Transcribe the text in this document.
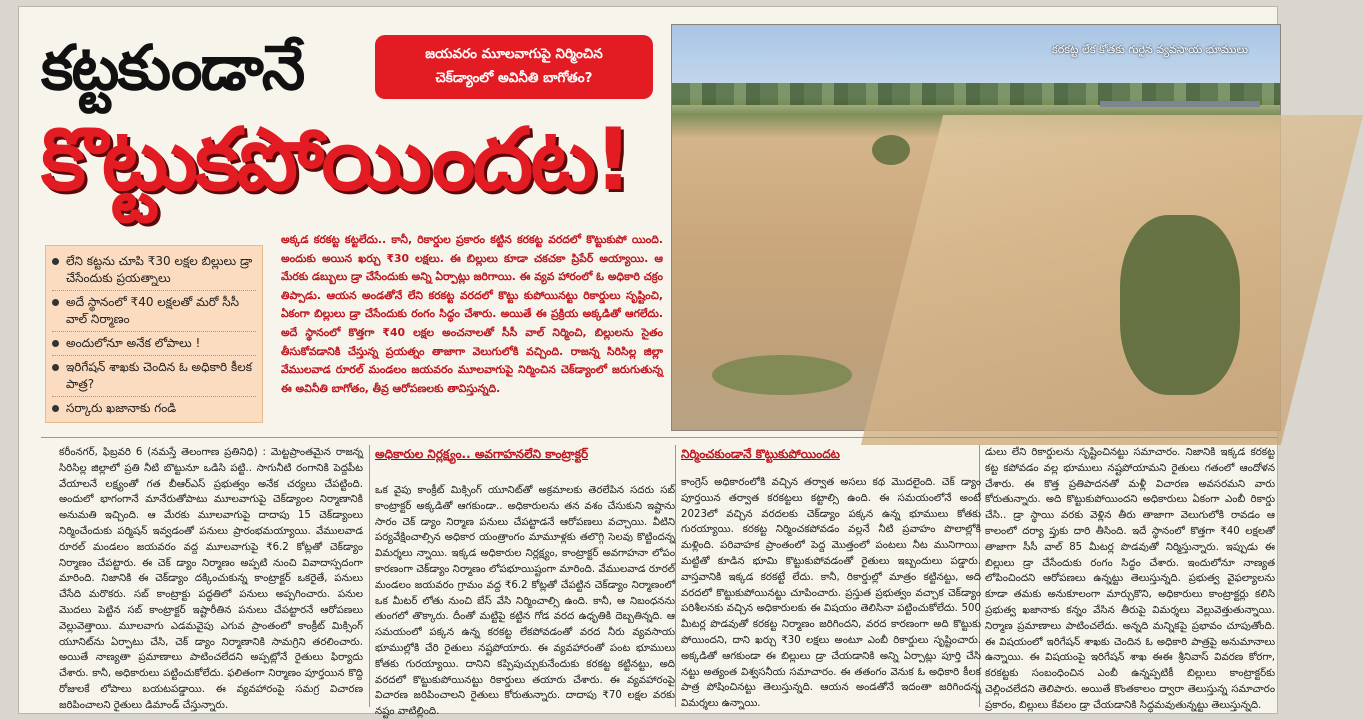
కట్టకుండానే
కొట్టుకపోయిందట!
జయవరం మూలవాగుపై నిర్మించిన
చెక్‌డ్యాంలో అవినీతి బాగోతం?
కరకట్ట లేక కోతకు గురైన వ్యవసాయ భూములు
లేని కట్టను చూపి ₹30 లక్షల బిల్లులు డ్రా చేసేందుకు ప్రయత్నాలు
అదే స్థానంలో ₹40 లక్షలతో మరో సీసీ వాల్ నిర్మాణం
అందులోనూ అనేక లోపాలు !
ఇరిగేషన్ శాఖకు చెందిన ఓ అధికారి కీలక పాత్ర?
సర్కారు ఖజానాకు గండి

అక్కడ కరకట్ట కట్టలేదు.. కానీ, రికార్డుల ప్రకారం కట్టిన కరకట్ట వరదలో కొట్టుకుపో యింది. అందుకు అయిన ఖర్చు ₹30 లక్షలు. ఈ బిల్లులు కూడా చకచకా ప్రిపేర్ అయ్యాయి. ఆ మేరకు డబ్బులు డ్రా చేసేందుకు అన్ని ఏర్పాట్లు జరిగాయి. ఈ వ్యవ హారంలో ఓ అధికారి చక్రం తిప్పాడు. ఆయన అండతోనే లేని కరకట్ట వరదలో కొట్టు కుపోయినట్టు రికార్డులు సృష్టించి, ఏకంగా బిల్లులు డ్రా చేసేందుకు రంగం సిద్ధం చేశారు. అయితే ఈ ప్రక్రియ అక్కడితో ఆగలేదు. అదే స్థానంలో కొత్తగా ₹40 లక్షల అంచనాలతో సీసీ వాల్ నిర్మించి, బిల్లులను సైతం తీసుకోవడానికి చేస్తున్న ప్రయత్నం తాజాగా వెలుగులోకి వచ్చింది. రాజన్న సిరిసిల్ల జిల్లా వేములవాడ రూరల్ మండలం జయవరం మూలవాగుపై నిర్మించిన చెక్‌డ్యాంలో జరుగుతున్న ఈ అవినీతి బాగోతం, తీవ్ర ఆరోపణలకు తావిస్తున్నది.

కరీంనగర్, ఫిబ్రవరి 6 (నమస్తే తెలంగాణ ప్రతినిధి) : మెట్టప్రాంతమైన రాజన్న సిరిసిల్ల జిల్లాలో ప్రతి నీటి బొట్టునూ ఒడిసి పట్టి.. సాగునీటి రంగానికి పెద్దపీట వేయాలనే లక్ష్యంతో గత బీఆర్ఎస్ ప్రభుత్వం అనేక చర్యలు చేపట్టింది. అందులో భాగంగానే మానేరుతోపాటు మూలవాగుపై చెక్‌డ్యాంల నిర్మాణానికి అనుమతి ఇచ్చింది. ఆ మేరకు మూలవాగుపై దాదాపు 15 చెక్‌డ్యాంలు నిర్మించేందుకు పర్మిషన్ ఇవ్వడంతో పనులు ప్రారంభమయ్యాయి. వేములవాడ రూరల్ మండలం జయవరం వద్ద మూలవాగుపై ₹6.2 కోట్లతో చెక్‌డ్యాం నిర్మాణం చేపట్టారు. ఈ చెక్ డ్యాం నిర్మాణం అప్పటి నుంచి వివాదాస్పదంగా మారింది. నిజానికి ఈ చెక్‌డ్యాం దక్కించుకున్న కాంట్రాక్టర్ ఒకరైతే, పనులు చేసేది మరొకరు. సబ్ కాంట్రాక్టు పద్ధతిలో పనులు అప్పగించారు. పనుల మొదలు పెట్టిన సబ్ కాంట్రాక్టర్ ఇష్టారీతిన పనులు చేపట్టారనే ఆరోపణలు వెల్లువెత్తాయి. మూలవాగు ఎడమవైపు ఎగువ ప్రాంతంలో కాంక్రీట్ మిక్సింగ్ యూనిట్‌ను ఏర్పాటు చేసి, చెక్ డ్యాం నిర్మాణానికి సామగ్రిని తరలించారు. అయితే నాణ్యతా ప్రమాణాలు పాటించలేదని అప్పట్లోనే రైతులు ఫిర్యాదు చేశారు. కానీ, అధికారులు పట్టించుకోలేదు. ఫలితంగా నిర్మాణం పూర్తయిన కొద్ది రోజులకే లోపాలు బయటపడ్డాయి. ఈ వ్యవహారంపై సమగ్ర విచారణ జరిపించాలని రైతులు డిమాండ్ చేస్తున్నారు.

అధికారుల నిర్లక్ష్యం.. అవగాహనలేని కాంట్రాక్టర్

ఒక వైపు కాంక్రీట్ మిక్సింగ్ యూనిట్‌తో అక్రమాలకు తెరలేపిన సదరు సబ్ కాంట్రాక్టర్ అక్కడితో ఆగకుండా.. అధికారులను తన వశం చేసుకుని ఇష్టాను సారం చెక్ డ్యాం నిర్మాణ పనులు చేపట్టాడనే ఆరోపణలు వచ్చాయి. వీటిని పర్యవేక్షించాల్సిన అధికార యంత్రాంగం మామూళ్లకు తలొగ్గి సెలవు కొట్టిందన్న విమర్శలు న్నాయి. ఇక్కడ అధికారుల నిర్లక్ష్యం, కాంట్రాక్టర్ అవగాహనా లోపం కారణంగా చెక్‌డ్యాం నిర్మాణం లోపభూయిష్టంగా మారింది. వేములవాడ రూరల్ మండలం జయవరం గ్రామం వద్ద ₹6.2 కోట్లతో చేపట్టిన చెక్‌డ్యాం నిర్మాణంలో ఒక మీటర్ లోతు నుంచి బేస్ వేసి నిర్మించాల్సి ఉంది. కానీ, ఆ నిబంధనను తుంగలో తొక్కారు. దీంతో మట్టిపై కట్టిన గోడ వరద ఉధృతికి దెబ్బతిన్నది. ఆ సమయంలో పక్కన ఉన్న కరకట్ట లేకపోవడంతో వరద నీరు వ్యవసాయ భూముల్లోకి చేరి రైతులు నష్టపోయారు. ఈ వ్యవహారంతో పంట భూములు కోతకు గురయ్యాయి. దానిని కప్పిపుచ్చుకునేందుకు కరకట్ట కట్టినట్టు, అది వరదలో కొట్టుకుపోయినట్టు రికార్డులు తయారు చేశారు. ఈ వ్యవహారంపై విచారణ జరిపించాలని రైతులు కోరుతున్నారు. దాదాపు ₹70 లక్షల వరకు నష్టం వాటిల్లింది.

నిర్మించకుండానే కొట్టుకుపోయిందట

కాంగ్రెస్ అధికారంలోకి వచ్చిన తర్వాత అసలు కథ మొదలైంది. చెక్ డ్యాం పూర్తయిన తర్వాత కరకట్టలు కట్టాల్సి ఉంది. ఈ సమయంలోనే అంటే 2023లో వచ్చిన వరదలకు చెక్‌డ్యాం పక్కన ఉన్న భూములు కోతకు గురయ్యాయి. కరకట్ట నిర్మించకపోవడం వల్లనే నీటి ప్రవాహం పొలాల్లోకి మళ్లింది. పరివాహక ప్రాంతంలో పెద్ద మొత్తంలో పంటలు నీట మునిగాయి. మట్టితో కూడిన భూమి కొట్టుకుపోవడంతో రైతులు ఇబ్బందులు పడ్డారు. వాస్తవానికి ఇక్కడ కరకట్టే లేదు. కానీ, రికార్డుల్లో మాత్రం కట్టినట్టు, అది వరదలో కొట్టుకుపోయినట్టు చూపించారు. ప్రస్తుత ప్రభుత్వం వచ్చాక చెక్‌డ్యాం పరిశీలనకు వచ్చిన అధికారులకు ఈ విషయం తెలిసినా పట్టించుకోలేదు. 500 మీటర్ల పొడవుతో కరకట్ట నిర్మాణం జరిగిందని, వరద కారణంగా అది కొట్టుకు పోయిందని, దాని ఖర్చు ₹30 లక్షలు అంటూ ఎంబీ రికార్డులు సృష్టించారు. అక్కడితో ఆగకుండా ఈ బిల్లులు డ్రా చేయడానికి అన్ని ఏర్పాట్లు పూర్తి చేసి నట్టు అత్యంత విశ్వసనీయ సమాచారం. ఈ తతంగం వెనుక ఓ అధికారి కీలక పాత్ర పోషించినట్టు తెలుస్తున్నది. ఆయన అండతోనే ఇదంతా జరిగిందన్న విమర్శలు ఉన్నాయి.

డులు లేని రికార్డులను సృష్టించినట్టు సమాచారం. నిజానికి ఇక్కడ కరకట్ట కట్ట కపోవడం వల్ల భూములు నష్టపోయామని రైతులు గతంలో ఆందోళన చేశారు. ఈ కొత్త ప్రతిపాదనతో మళ్లీ విచారణ అవసరమని వారు కోరుతున్నారు. అది కొట్టుకుపోయిందని అధికారులు ఏకంగా ఎంబీ రికార్డు చేసి.. డ్రా స్థాయి వరకు వెళ్లిన తీరు తాజాగా వెలుగులోకి రావడం ఆ కాలంలో దర్యా ప్తుకు దారి తీసింది. ఇదే స్థానంలో కొత్తగా ₹40 లక్షలతో తాజాగా సీసీ వాల్ 85 మీటర్ల పొడవుతో నిర్మిస్తున్నారు. ఇప్పుడు ఈ బిల్లులు డ్రా చేసేందుకు రంగం సిద్ధం చేశారు. ఇందులోనూ నాణ్యత లోపించిందని ఆరోపణలు ఉన్నట్టు తెలుస్తున్నది. ప్రభుత్వ వైఫల్యాలను కూడా తమకు అనుకూలంగా మార్చుకొని, అధికారులు కాంట్రాక్టర్లు కలిసి ప్రభుత్వ ఖజానాకు కన్నం వేసిన తీరుపై విమర్శలు వెల్లువెత్తుతున్నాయి. నిర్మాణ ప్రమాణాలు పాటించలేదు. అన్నది మన్నికపై ప్రభావం చూపుతోంది. ఈ విషయంలో ఇరిగేషన్ శాఖకు చెందిన ఓ అధికారి పాత్రపై అనుమానాలు ఉన్నాయి. ఈ విషయంపై ఇరిగేషన్ శాఖ ఈఈ శ్రీనివాస్ వివరణ కోరగా, కరకట్టకు సంబంధించిన ఎంబీ ఉన్నప్పటికీ బిల్లులు కాంట్రాక్టర్‌కు చెల్లించలేదని తెలిపారు. అయితే కొంతకాలం ద్వారా తెలుస్తున్న సమాచారం ప్రకారం, బిల్లులు కేవలం డ్రా చేయడానికి సిద్ధమవుతున్నట్టు తెలుస్తున్నది.
